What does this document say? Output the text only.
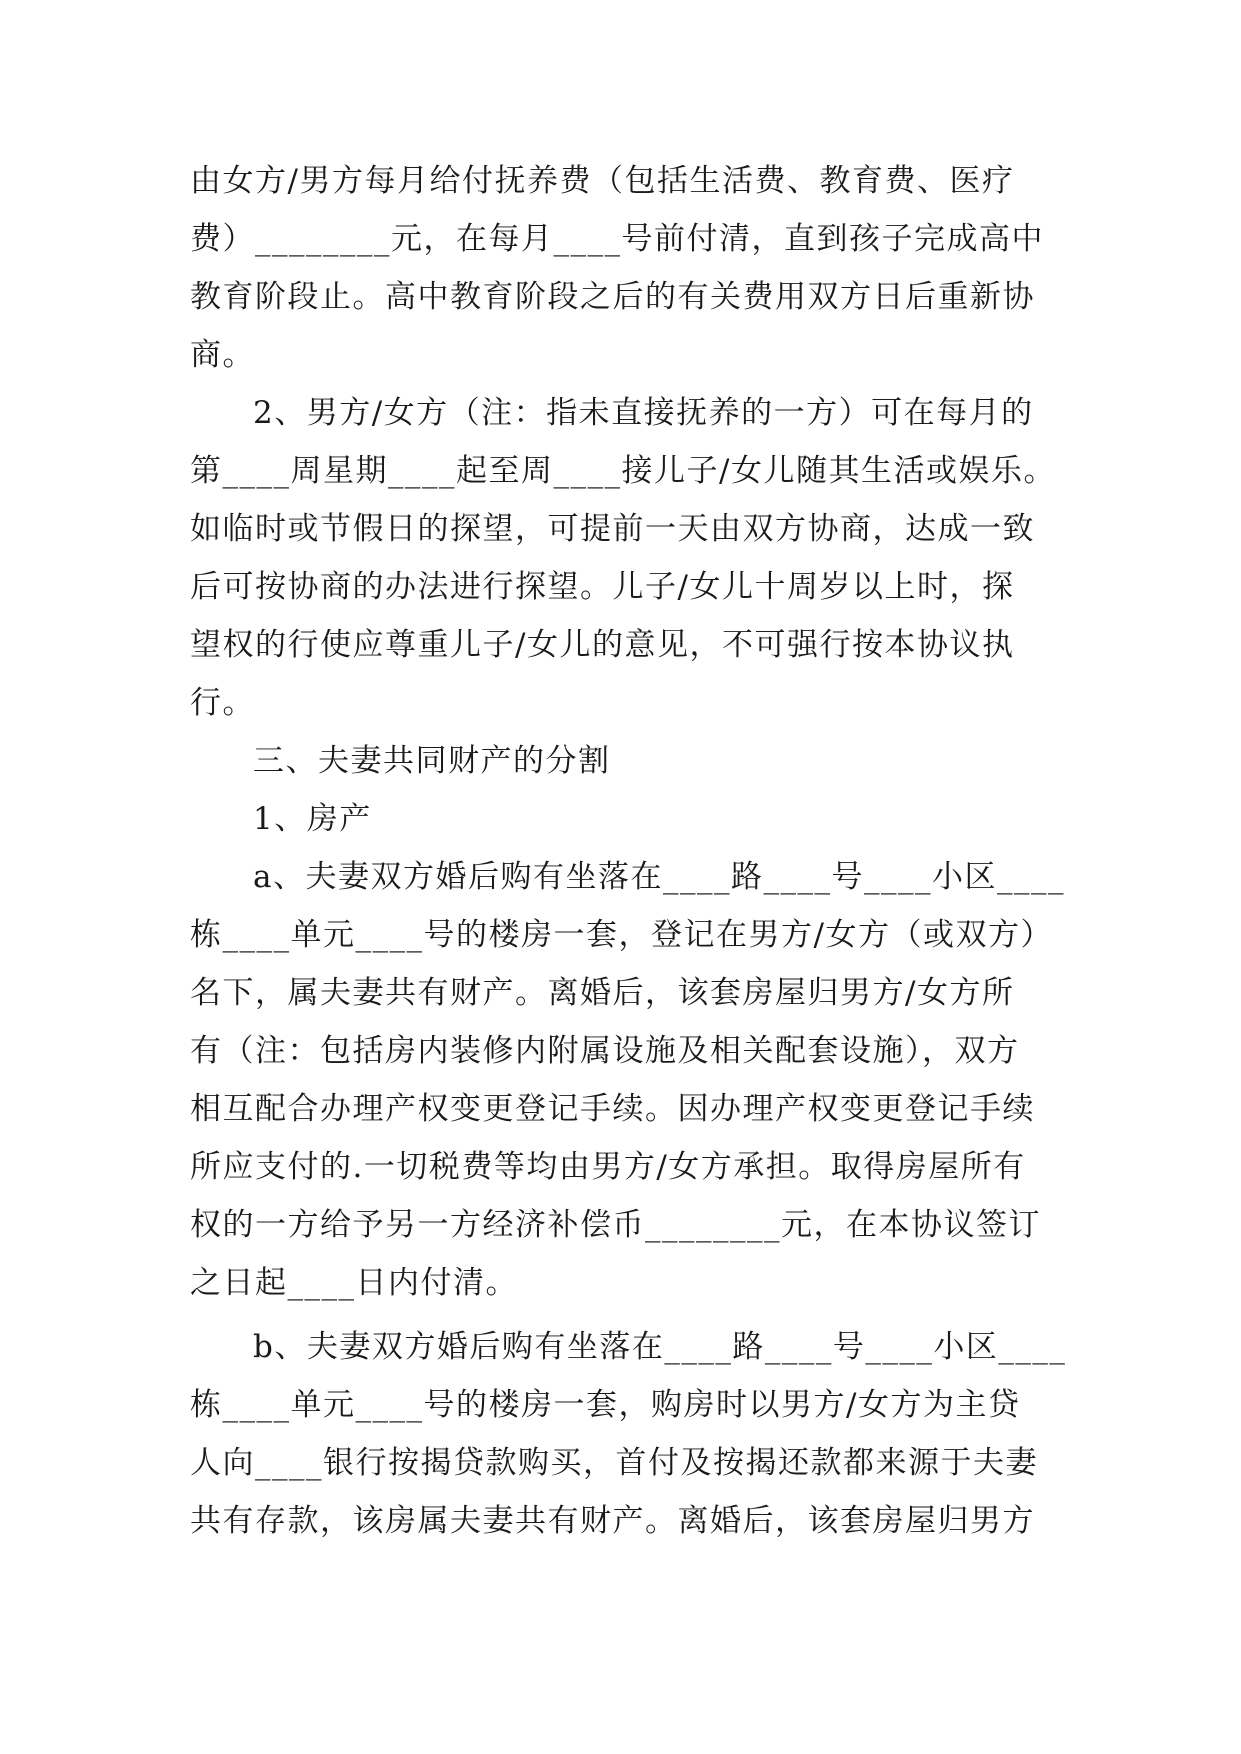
由女方/男方每月给付抚养费（包括生活费、教育费、医疗
费）________元，在每月____号前付清，直到孩子完成高中
教育阶段止。高中教育阶段之后的有关费用双方日后重新协
商。
2、男方/女方（注：指未直接抚养的一方）可在每月的
第____周星期____起至周____接儿子/女儿随其生活或娱乐。
如临时或节假日的探望，可提前一天由双方协商，达成一致
后可按协商的办法进行探望。儿子/女儿十周岁以上时，探
望权的行使应尊重儿子/女儿的意见，不可强行按本协议执
行。
三、夫妻共同财产的分割
1、房产
a、夫妻双方婚后购有坐落在____路____号____小区____
栋____单元____号的楼房一套，登记在男方/女方（或双方）
名下，属夫妻共有财产。离婚后，该套房屋归男方/女方所
有（注：包括房内装修内附属设施及相关配套设施），双方
相互配合办理产权变更登记手续。因办理产权变更登记手续
所应支付的.一切税费等均由男方/女方承担。取得房屋所有
权的一方给予另一方经济补偿币________元，在本协议签订
之日起____日内付清。
b、夫妻双方婚后购有坐落在____路____号____小区____
栋____单元____号的楼房一套，购房时以男方/女方为主贷
人向____银行按揭贷款购买，首付及按揭还款都来源于夫妻
共有存款，该房属夫妻共有财产。离婚后，该套房屋归男方
